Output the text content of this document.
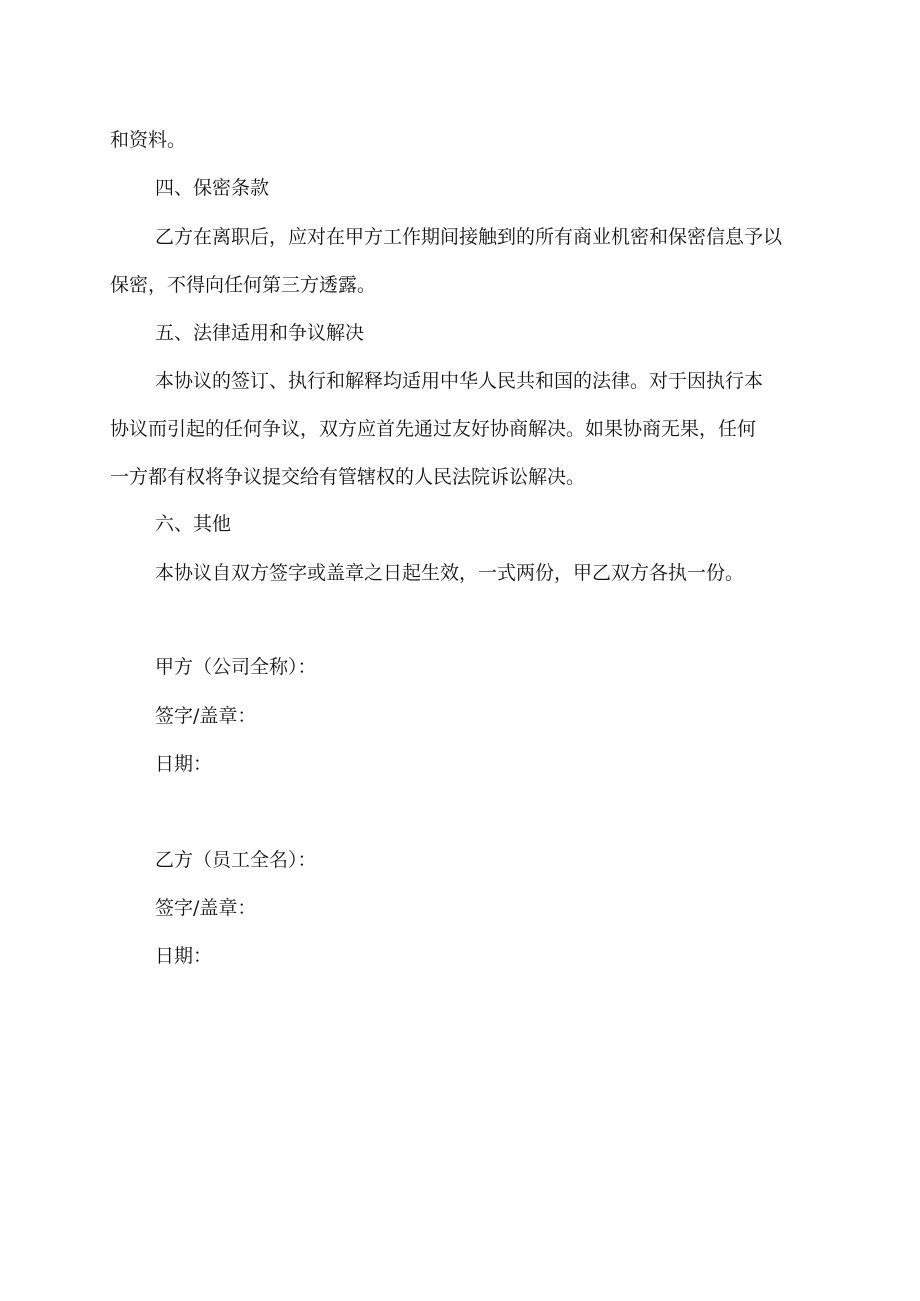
和资料。
四、保密条款
乙方在离职后，应对在甲方工作期间接触到的所有商业机密和保密信息予以
保密，不得向任何第三方透露。
五、法律适用和争议解决
本协议的签订、执行和解释均适用中华人民共和国的法律。对于因执行本
协议而引起的任何争议，双方应首先通过友好协商解决。如果协商无果，任何
一方都有权将争议提交给有管辖权的人民法院诉讼解决。
六、其他
本协议自双方签字或盖章之日起生效，一式两份，甲乙双方各执一份。
甲方（公司全称）：
签字/盖章：
日期：
乙方（员工全名）：
签字/盖章：
日期：
